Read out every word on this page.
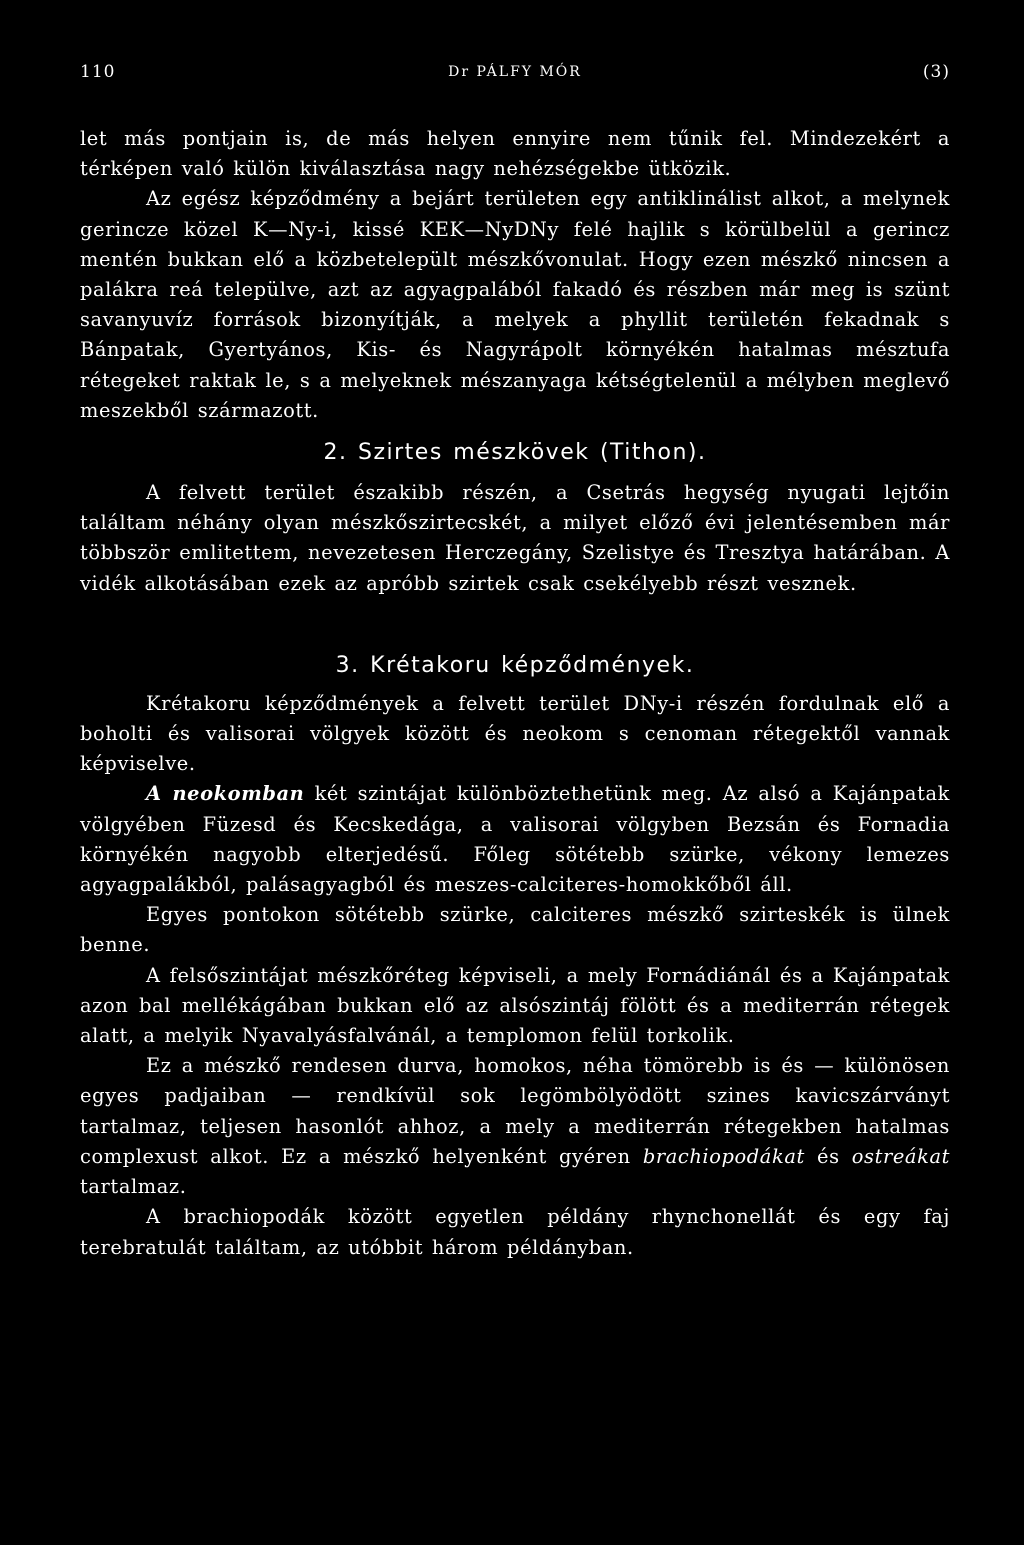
110	Dr PÁLFY MÓR	(3)

let más pontjain is, de más helyen ennyire nem tűnik fel. Mindezekért a térképen való külön kiválasztása nagy nehézségekbe ütközik.

Az egész képződmény a bejárt területen egy antiklinálist alkot, a melynek gerincze közel K—Ny-i, kissé KEK—NyDNy felé hajlik s körülbelül a gerincz mentén bukkan elő a közbetelepült mészkővonulat. Hogy ezen mészkő nincsen a palákra reá települve, azt az agyagpalából fakadó és részben már meg is szünt savanyuvíz források bizonyítják, a melyek a phyllit területén fekadnak s Bánpatak, Gyertyános, Kis- és Nagyrápolt környékén hatalmas mésztufa rétegeket raktak le, s a melyeknek mészanyaga kétségtelenül a mélyben meglevő meszekből származott.

2. Szirtes mészkövek (Tithon).

A felvett terület északibb részén, a Csetrás hegység nyugati lejtőin találtam néhány olyan mészkőszirtecskét, a milyet előző évi jelentésemben már többször emlitettem, nevezetesen Herczegány, Szelistye és Tresztya határában. A vidék alkotásában ezek az apróbb szirtek csak csekélyebb részt vesznek.

3. Krétakoru képződmények.

Krétakoru képződmények a felvett terület DNy-i részén fordulnak elő a boholti és valisorai völgyek között és neokom s cenoman rétegektől vannak képviselve.

A neokomban két szintájat különböztethetünk meg. Az alsó a Kajánpatak völgyében Füzesd és Kecskedága, a valisorai völgyben Bezsán és Fornadia környékén nagyobb elterjedésű. Főleg sötétebb szürke, vékony lemezes agyagpalákból, palásagyagból és meszes-calciteres-homokkőből áll.

Egyes pontokon sötétebb szürke, calciteres mészkő szirteskék is ülnek benne.

A felsőszintájat mészkőréteg képviseli, a mely Fornádiánál és a Kajánpatak azon bal mellékágában bukkan elő az alsószintáj fölött és a mediterrán rétegek alatt, a melyik Nyavalyásfalvánál, a templomon felül torkolik.

Ez a mészkő rendesen durva, homokos, néha tömörebb is és — különösen egyes padjaiban — rendkívül sok legömbölyödött szines kavicszárványt tartalmaz, teljesen hasonlót ahhoz, a mely a mediterrán rétegekben hatalmas complexust alkot. Ez a mészkő helyenként gyéren brachiopodákat és ostreákat tartalmaz.

A brachiopodák között egyetlen példány rhynchonellát és egy faj terebratulát találtam, az utóbbit három példányban.
